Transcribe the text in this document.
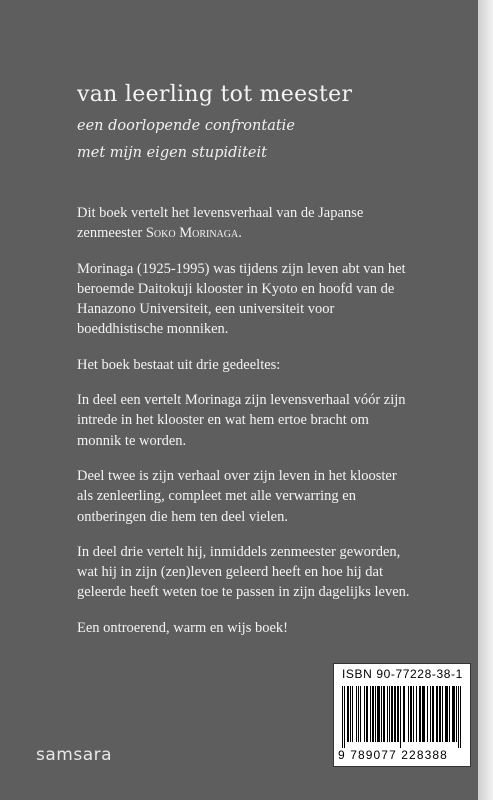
van leerling tot meester
een doorlopende confrontatie
met mijn eigen stupiditeit

Dit boek vertelt het levensverhaal van de Japanse zenmeester Soko Morinaga.

Morinaga (1925-1995) was tijdens zijn leven abt van het beroemde Daitokuji klooster in Kyoto en hoofd van de Hanazono Universiteit, een universiteit voor boeddhistische monniken.

Het boek bestaat uit drie gedeeltes:

In deel een vertelt Morinaga zijn levensverhaal vóór zijn intrede in het klooster en wat hem ertoe bracht om monnik te worden.

Deel twee is zijn verhaal over zijn leven in het klooster als zenleerling, compleet met alle verwarring en ontberingen die hem ten deel vielen.

In deel drie vertelt hij, inmiddels zenmeester geworden, wat hij in zijn (zen)leven geleerd heeft en hoe hij dat geleerde heeft weten toe te passen in zijn dagelijks leven.

Een ontroerend, warm en wijs boek!

ISBN 90-77228-38-1
9 789077 228388
samsara
